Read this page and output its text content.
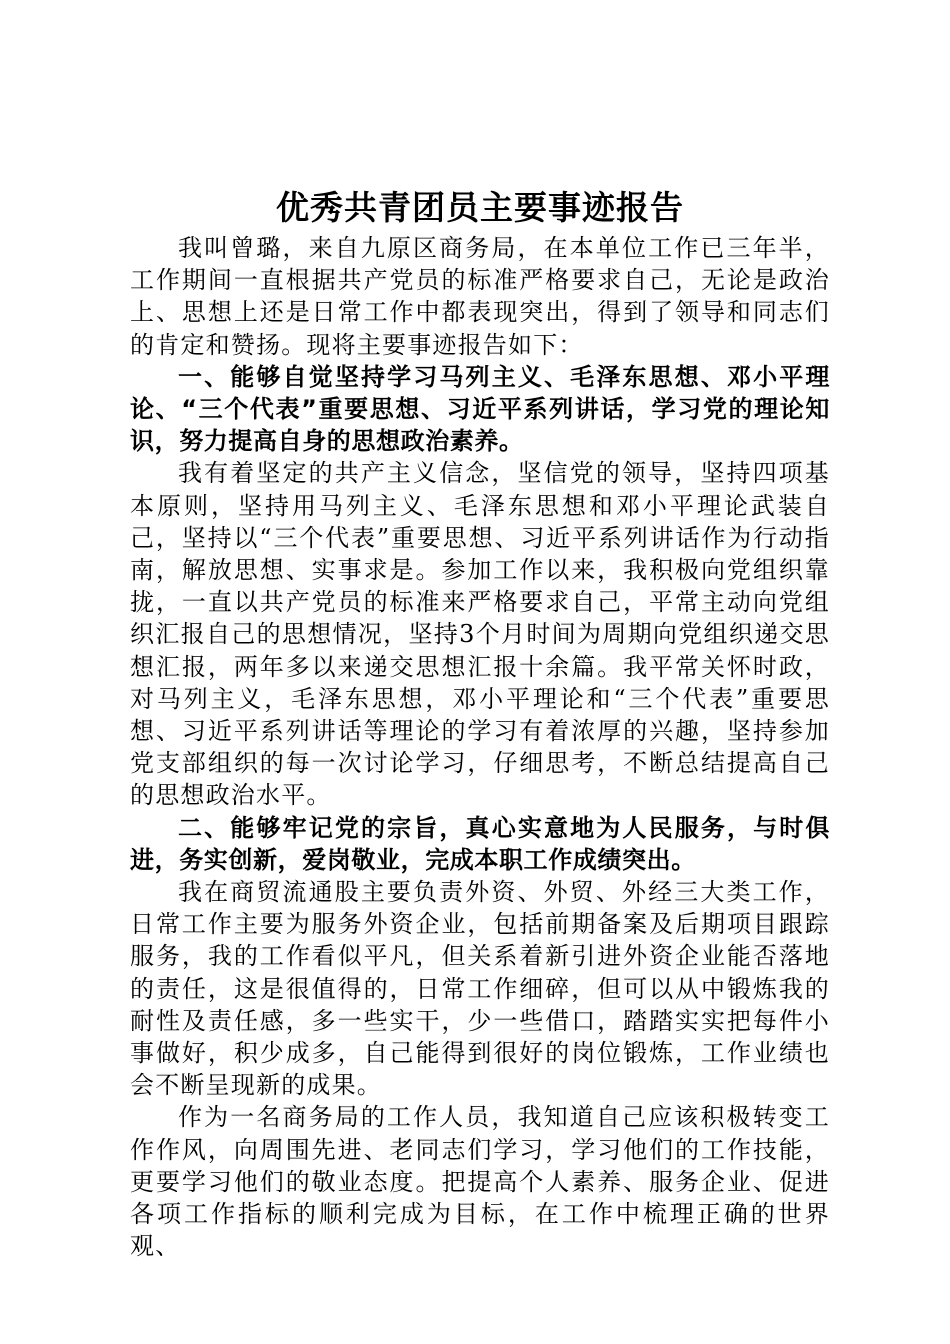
优秀共青团员主要事迹报告

我叫曾璐，来自九原区商务局，在本单位工作已三年半，工作期间一直根据共产党员的标准严格要求自己，无论是政治上、思想上还是日常工作中都表现突出，得到了领导和同志们的肯定和赞扬。现将主要事迹报告如下：

一、能够自觉坚持学习马列主义、毛泽东思想、邓小平理论、“三个代表”重要思想、习近平系列讲话，学习党的理论知识，努力提高自身的思想政治素养。

我有着坚定的共产主义信念，坚信党的领导，坚持四项基本原则，坚持用马列主义、毛泽东思想和邓小平理论武装自己，坚持以“三个代表”重要思想、习近平系列讲话作为行动指南，解放思想、实事求是。参加工作以来，我积极向党组织靠拢，一直以共产党员的标准来严格要求自己，平常主动向党组织汇报自己的思想情况，坚持3个月时间为周期向党组织递交思想汇报，两年多以来递交思想汇报十余篇。我平常关怀时政，对马列主义，毛泽东思想，邓小平理论和“三个代表”重要思想、习近平系列讲话等理论的学习有着浓厚的兴趣，坚持参加党支部组织的每一次讨论学习，仔细思考，不断总结提高自己的思想政治水平。

二、能够牢记党的宗旨，真心实意地为人民服务，与时俱进，务实创新，爱岗敬业，完成本职工作成绩突出。

我在商贸流通股主要负责外资、外贸、外经三大类工作，日常工作主要为服务外资企业，包括前期备案及后期项目跟踪服务，我的工作看似平凡，但关系着新引进外资企业能否落地的责任，这是很值得的，日常工作细碎，但可以从中锻炼我的耐性及责任感，多一些实干，少一些借口，踏踏实实把每件小事做好，积少成多，自己能得到很好的岗位锻炼，工作业绩也会不断呈现新的成果。

作为一名商务局的工作人员，我知道自己应该积极转变工作作风，向周围先进、老同志们学习，学习他们的工作技能，更要学习他们的敬业态度。把提高个人素养、服务企业、促进各项工作指标的顺利完成为目标，在工作中梳理正确的世界观、
